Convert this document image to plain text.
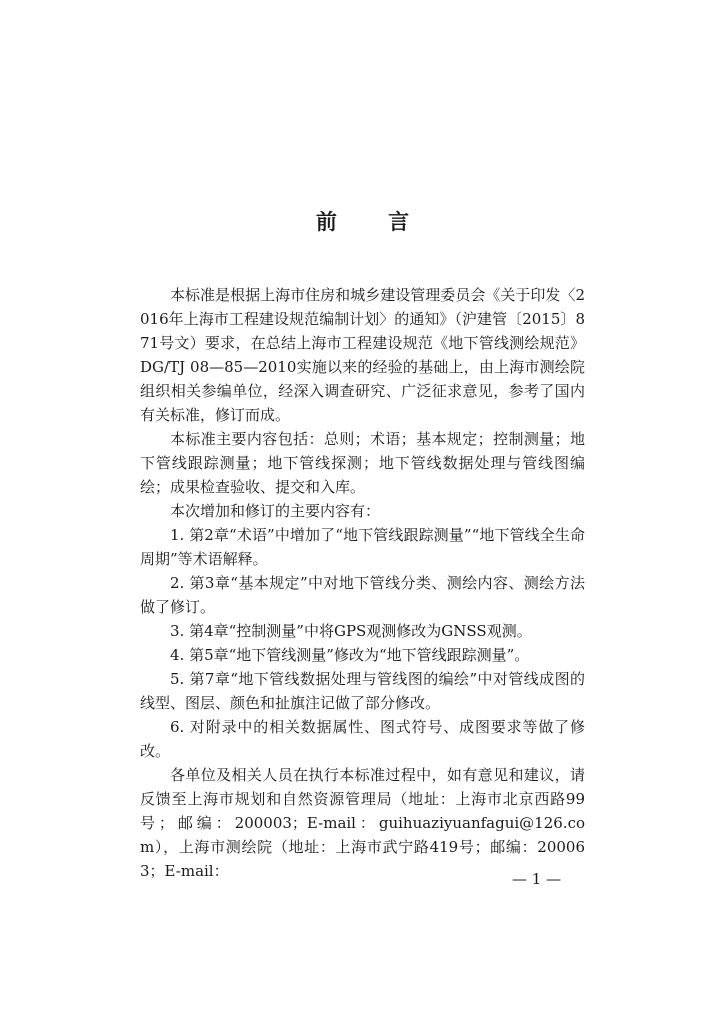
前 言

本标准是根据上海市住房和城乡建设管理委员会《关于印发〈2016年上海市工程建设规范编制计划〉的通知》（沪建管〔2015〕871号文）要求，在总结上海市工程建设规范《地下管线测绘规范》DG/TJ 08—85—2010实施以来的经验的基础上，由上海市测绘院组织相关参编单位，经深入调查研究、广泛征求意见，参考了国内有关标准，修订而成。

本标准主要内容包括：总则；术语；基本规定；控制测量；地下管线跟踪测量；地下管线探测；地下管线数据处理与管线图编绘；成果检查验收、提交和入库。

本次增加和修订的主要内容有：

1. 第2章“术语”中增加了“地下管线跟踪测量”“地下管线全生命周期”等术语解释。

2. 第3章“基本规定”中对地下管线分类、测绘内容、测绘方法做了修订。

3. 第4章“控制测量”中将GPS观测修改为GNSS观测。

4. 第5章“地下管线测量”修改为“地下管线跟踪测量”。

5. 第7章“地下管线数据处理与管线图的编绘”中对管线成图的线型、图层、颜色和扯旗注记做了部分修改。

6. 对附录中的相关数据属性、图式符号、成图要求等做了修改。

各单位及相关人员在执行本标准过程中，如有意见和建议，请反馈至上海市规划和自然资源管理局（地址：上海市北京西路99号；邮编：200003；E-mail：guihuaziyuanfagui@126.com），上海市测绘院（地址：上海市武宁路419号；邮编：200063；E-mail：	— 1 —
